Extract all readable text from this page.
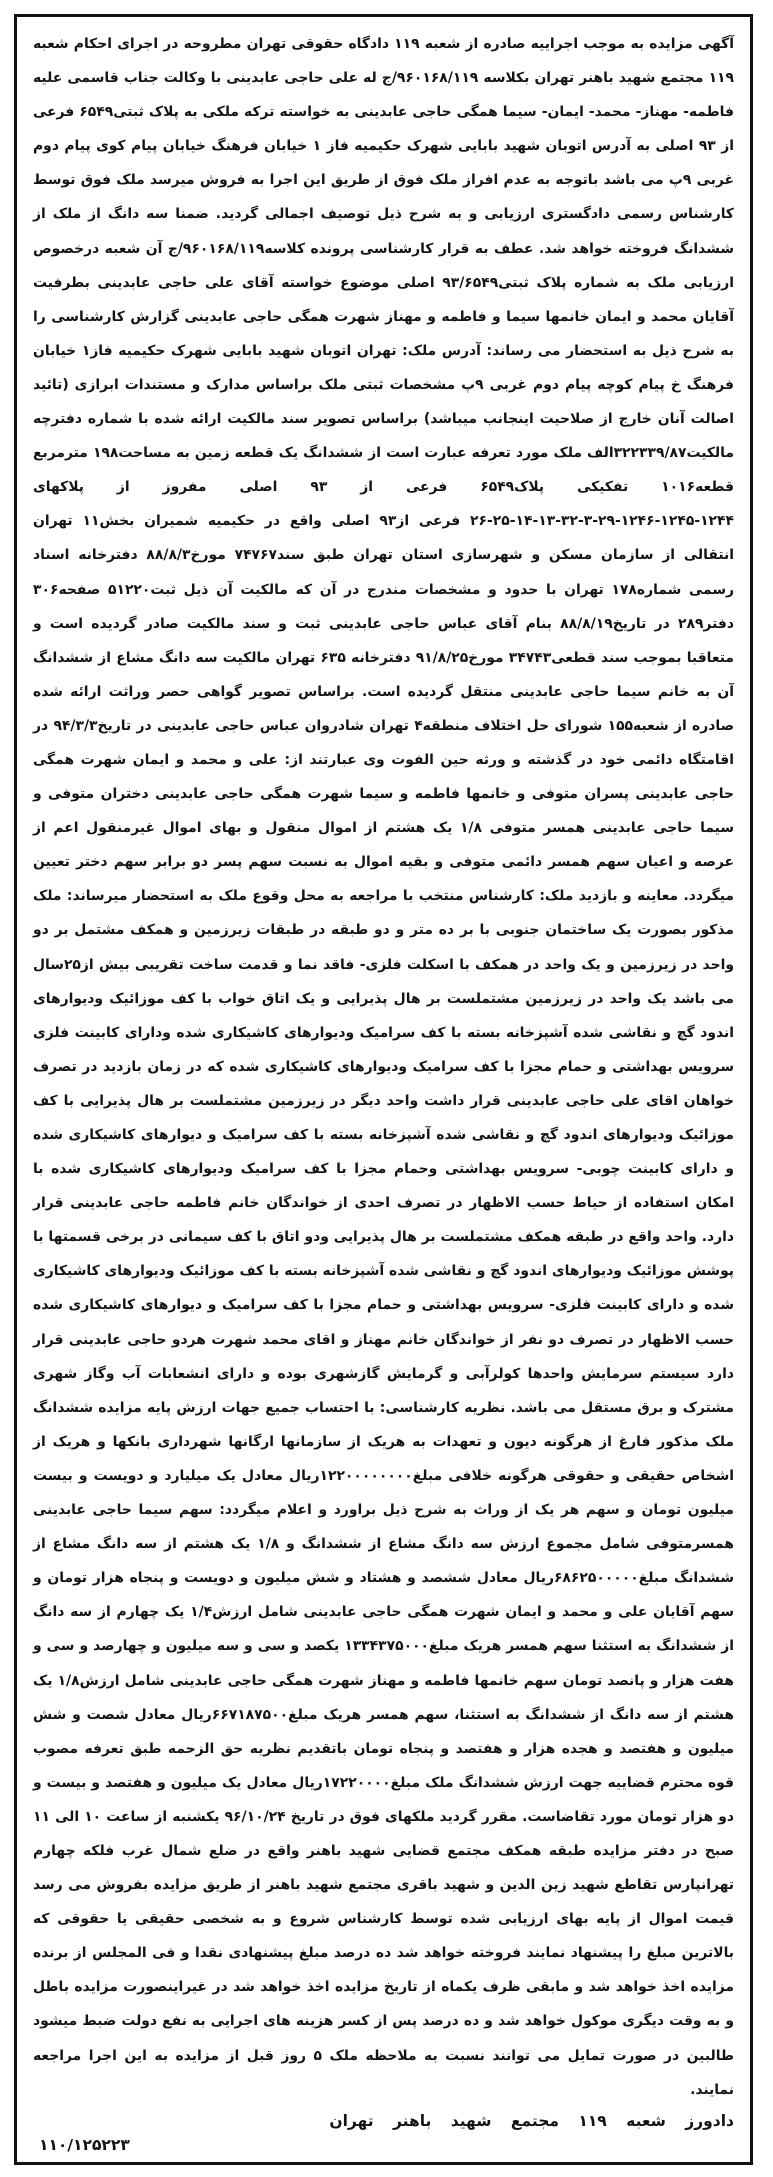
آگهی مزایده به موجب اجراییه صادره از شعبه ۱۱۹ دادگاه حقوقی تهران مطروحه در اجرای احکام شعبه ۱۱۹ مجتمع شهید باهنر تهران بکلاسه ۹۶۰۱۶۸/۱۱۹/ج له علی حاجی عابدینی با وکالت جناب قاسمی علیه فاطمه- مهناز- محمد- ایمان- سیما همگی حاجی عابدینی به خواسته ترکه ملکی به پلاک ثبتی۶۵۴۹ فرعی از ۹۳ اصلی به آدرس اتوبان شهید بابایی شهرک حکیمیه فاز ۱ خیابان فرهنگ خیابان پیام کوی پیام دوم غربی ۹پ می باشد باتوجه به عدم افراز ملک فوق از طریق این اجرا به فروش میرسد ملک فوق توسط کارشناس رسمی دادگستری ارزیابی و به شرح ذیل توصیف اجمالی گردید. ضمنا سه دانگ از ملک از ششدانگ فروخته خواهد شد. عطف به قرار کارشناسی پرونده کلاسه۹۶۰۱۶۸/۱۱۹/ج آن شعبه درخصوص ارزیابی ملک به شماره پلاک ثبتی۹۳/۶۵۴۹ اصلی موضوع خواسته آقای علی حاجی عابدینی بطرفیت آقایان محمد و ایمان خانمها سیما و فاطمه و مهناز شهرت همگی حاجی عابدینی گزارش کارشناسی را به شرح ذیل به استحضار می رساند: آدرس ملک: تهران اتوبان شهید بابایی شهرک حکیمیه فاز۱ خیابان فرهنگ خ پیام کوچه پیام دوم غربی ۹پ مشخصات ثبتی ملک براساس مدارک و مستندات ابرازی (تائید اصالت آنان خارج از صلاحیت اینجانب میباشد) براساس تصویر سند مالکیت ارائه شده با شماره دفترچه مالکیت۳۲۲۳۳۹/۸۷الف ملک مورد تعرفه عبارت است از ششدانگ یک قطعه زمین به مساحت۱۹۸ مترمربع قطعه۱۰۱۶ تفکیکی پلاک۶۵۴۹ فرعی از ۹۳ اصلی مفروز از پلاکهای ۱۲۴۴-۱۲۴۵-۱۲۴۶-۲۹-۳-۳۲-۱۳-۱۴-۲۵-۲۶ فرعی از۹۳ اصلی واقع در حکیمیه شمیران بخش۱۱ تهران انتقالی از سازمان مسکن و شهرسازی استان تهران طبق سند۷۴۷۶۷ مورخ۸۸/۸/۳ دفترخانه اسناد رسمی شماره۱۷۸ تهران با حدود و مشخصات مندرج در آن که مالکیت آن ذیل ثبت۵۱۲۲۰ صفحه۳۰۶ دفتر۲۸۹ در تاریخ۸۸/۸/۱۹ بنام آقای عباس حاجی عابدینی ثبت و سند مالکیت صادر گردیده است و متعاقبا بموجب سند قطعی۳۴۷۴۳ مورخ۹۱/۸/۲۵ دفترخانه ۶۳۵ تهران مالکیت سه دانگ مشاع از ششدانگ آن به خانم سیما حاجی عابدینی منتقل گردیده است. براساس تصویر گواهی حصر وراثت ارائه شده صادره از شعبه۱۵۵ شورای حل اختلاف منطقه۴ تهران شادروان عباس حاجی عابدینی در تاریخ۹۴/۳/۳ در اقامتگاه دائمی خود در گذشته و ورثه حین الفوت وی عبارتند از: علی و محمد و ایمان شهرت همگی حاجی عابدینی پسران متوفی و خانمها فاطمه و سیما شهرت همگی حاجی عابدینی دختران متوفی و سیما حاجی عابدینی همسر متوفی ۱/۸ یک هشتم از اموال منقول و بهای اموال غیرمنقول اعم از عرصه و اعیان سهم همسر دائمی متوفی و بقیه اموال به نسبت سهم پسر دو برابر سهم دختر تعیین میگردد. معاینه و بازدید ملک: کارشناس منتخب با مراجعه به محل وقوع ملک به استحضار میرساند: ملک مذکور بصورت یک ساختمان جنوبی با بر ده متر و دو طبقه در طبقات زیرزمین و همکف مشتمل بر دو واحد در زیرزمین و یک واحد در همکف با اسکلت فلزی- فاقد نما و قدمت ساخت تقریبی بیش از۲۵سال می باشد یک واحد در زیرزمین مشتملست بر هال پذیرایی و یک اتاق خواب با کف موزائیک ودیوارهای اندود گچ و نقاشی شده آشپزخانه بسته با کف سرامیک ودیوارهای کاشیکاری شده ودارای کابینت فلزی سرویس بهداشتی و حمام مجزا با کف سرامیک ودیوارهای کاشیکاری شده که در زمان بازدید در تصرف خواهان اقای علی حاجی عابدینی قرار داشت واحد دیگر در زیرزمین مشتملست بر هال پذیرایی با کف موزائیک ودیوارهای اندود گچ و نقاشی شده آشپزخانه بسته با کف سرامیک و دیوارهای کاشیکاری شده و دارای کابینت چوبی- سرویس بهداشتی وحمام مجزا با کف سرامیک ودیوارهای کاشیکاری شده با امکان استفاده از حیاط حسب الاظهار در تصرف احدی از خواندگان خانم فاطمه حاجی عابدینی قرار دارد. واحد واقع در طبقه همکف مشتملست بر هال پذیرایی ودو اتاق با کف سیمانی در برخی قسمتها با پوشش موزائیک ودیوارهای اندود گچ و نقاشی شده آشپزخانه بسته با کف موزائیک ودیوارهای کاشیکاری شده و دارای کابینت فلزی- سرویس بهداشتی و حمام مجزا با کف سرامیک و دیوارهای کاشیکاری شده حسب الاظهار در تصرف دو نفر از خواندگان خانم مهناز و اقای محمد شهرت هردو حاجی عابدینی قرار دارد سیستم سرمایش واحدها کولرآبی و گرمایش گازشهری بوده و دارای انشعابات آب وگاز شهری مشترک و برق مستقل می باشد. نظریه کارشناسی: با احتساب جمیع جهات ارزش پایه مزایده ششدانگ ملک مذکور فارغ از هرگونه دیون و تعهدات به هریک از سازمانها ارگانها شهرداری بانکها و هریک از اشخاص حقیقی و حقوقی هرگونه خلافی مبلغ۱۲۲۰۰۰۰۰۰۰۰ریال معادل یک میلیارد و دویست و بیست میلیون تومان و سهم هر یک از وراث به شرح ذیل براورد و اعلام میگردد: سهم سیما حاجی عابدینی همسرمتوفی شامل مجموع ارزش سه دانگ مشاع از ششدانگ و ۱/۸ یک هشتم از سه دانگ مشاع از ششدانگ مبلغ۶۸۶۲۵۰۰۰۰۰ریال معادل ششصد و هشتاد و شش میلیون و دویست و پنجاه هزار تومان و سهم آقایان علی و محمد و ایمان شهرت همگی حاجی عابدینی شامل ارزش۱/۴ یک چهارم از سه دانگ از ششدانگ به استثنا سهم همسر هریک مبلغ۱۳۳۴۳۷۵۰۰۰ یکصد و سی و سه میلیون و چهارصد و سی و هفت هزار و پانصد تومان سهم خانمها فاطمه و مهناز شهرت همگی حاجی عابدینی شامل ارزش۱/۸ یک هشتم از سه دانگ از ششدانگ به استثنا، سهم همسر هریک مبلغ۶۶۷۱۸۷۵۰۰ریال معادل شصت و شش میلیون و هفتصد و هجده هزار و هفتصد و پنجاه تومان باتقدیم نظریه حق الزحمه طبق تعرفه مصوب قوه محترم قضاییه جهت ارزش ششدانگ ملک مبلغ۱۷۲۲۰۰۰۰ریال معادل یک میلیون و هفتصد و بیست و دو هزار تومان مورد تقاضاست. مقرر گردید ملکهای فوق در تاریخ ۹۶/۱۰/۲۴ یکشنبه از ساعت ۱۰ الی ۱۱ صبح در دفتر مزایده طبقه همکف مجتمع قضایی شهید باهنر واقع در ضلع شمال غرب فلکه چهارم تهرانپارس تقاطع شهید زین الدین و شهید باقری مجتمع شهید باهنر از طریق مزایده بفروش می رسد قیمت اموال از پایه بهای ارزیابی شده توسط کارشناس شروع و به شخصی حقیقی یا حقوقی که بالاترین مبلغ را پیشنهاد نمایند فروخته خواهد شد ده درصد مبلغ پیشنهادی نقدا و فی المجلس از برنده مزایده اخذ خواهد شد و مابقی ظرف یکماه از تاریخ مزایده اخذ خواهد شد در غیراینصورت مزایده باطل و به وقت دیگری موکول خواهد شد و ده درصد پس از کسر هزینه های اجرایی به نفع دولت ضبط میشود طالبین در صورت تمایل می توانند نسبت به ملاحظه ملک ۵ روز قبل از مزایده به این اجرا مراجعه نمایند.

دادورز شعبه ۱۱۹ مجتمع شهید باهنر تهران
۱۱۰/۱۲۵۲۲۳
